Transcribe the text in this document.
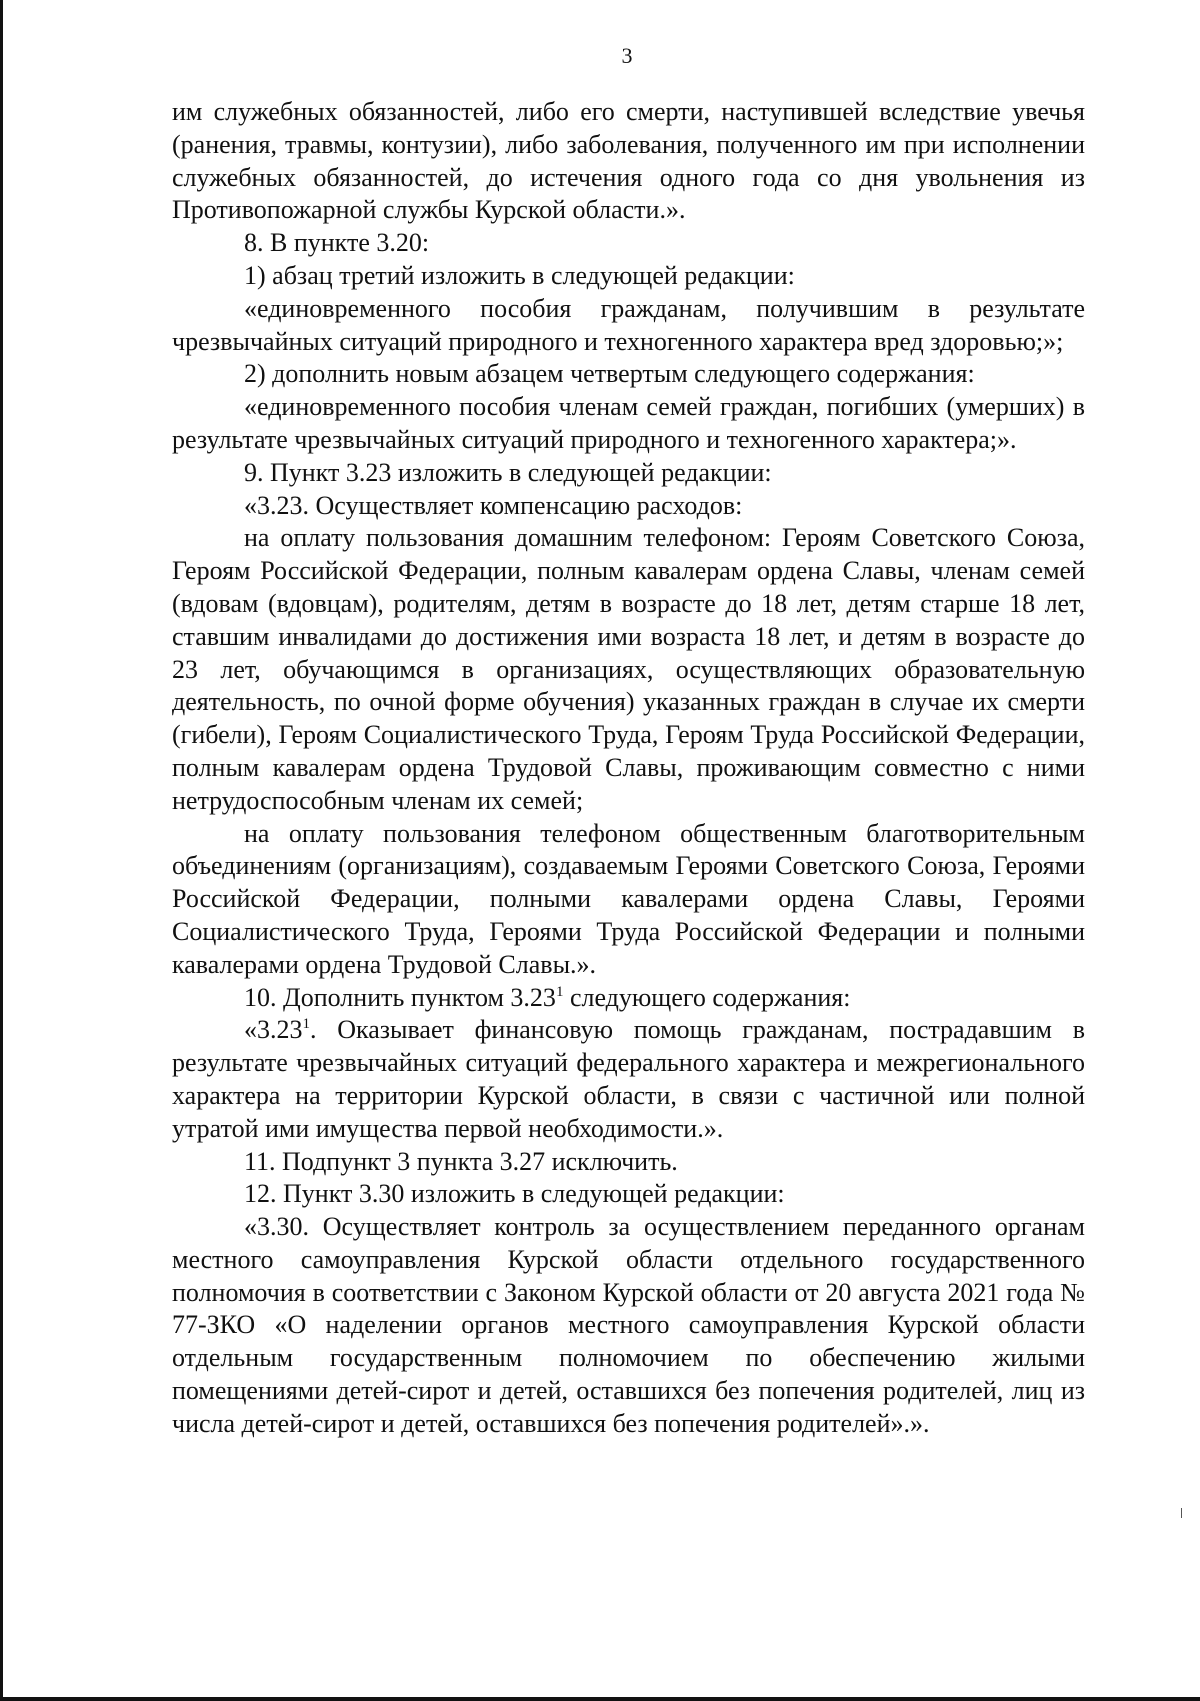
3

им служебных обязанностей, либо его смерти, наступившей вследствие увечья (ранения, травмы, контузии), либо заболевания, полученного им при исполнении служебных обязанностей, до истечения одного года со дня увольнения из Противопожарной службы Курской области.».

8. В пункте 3.20:

1) абзац третий изложить в следующей редакции:

«единовременного пособия гражданам, получившим в результате чрезвычайных ситуаций природного и техногенного характера вред здоровью;»;

2) дополнить новым абзацем четвертым следующего содержания:

«единовременного пособия членам семей граждан, погибших (умерших) в результате чрезвычайных ситуаций природного и техногенного характера;».

9. Пункт 3.23 изложить в следующей редакции:

«3.23. Осуществляет компенсацию расходов:

на оплату пользования домашним телефоном: Героям Советского Союза, Героям Российской Федерации, полным кавалерам ордена Славы, членам семей (вдовам (вдовцам), родителям, детям в возрасте до 18 лет, детям старше 18 лет, ставшим инвалидами до достижения ими возраста 18 лет, и детям в возрасте до 23 лет, обучающимся в организациях, осуществляющих образовательную деятельность, по очной форме обучения) указанных граждан в случае их смерти (гибели), Героям Социалистического Труда, Героям Труда Российской Федерации, полным кавалерам ордена Трудовой Славы, проживающим совместно с ними нетрудоспособным членам их семей;

на оплату пользования телефоном общественным благотворительным объединениям (организациям), создаваемым Героями Советского Союза, Героями Российской Федерации, полными кавалерами ордена Славы, Героями Социалистического Труда, Героями Труда Российской Федерации и полными кавалерами ордена Трудовой Славы.».

10. Дополнить пунктом 3.23$^1$ следующего содержания:

«3.23$^1$. Оказывает финансовую помощь гражданам, пострадавшим в результате чрезвычайных ситуаций федерального характера и межрегионального характера на территории Курской области, в связи с частичной или полной утратой ими имущества первой необходимости.».

11. Подпункт 3 пункта 3.27 исключить.

12. Пункт 3.30 изложить в следующей редакции:

«3.30. Осуществляет контроль за осуществлением переданного органам местного самоуправления Курской области отдельного государственного полномочия в соответствии с Законом Курской области от 20 августа 2021 года № 77-ЗКО «О наделении органов местного самоуправления Курской области отдельным государственным полномочием по обеспечению жилыми помещениями детей-сирот и детей, оставшихся без попечения родителей, лиц из числа детей-сирот и детей, оставшихся без попечения родителей».».
